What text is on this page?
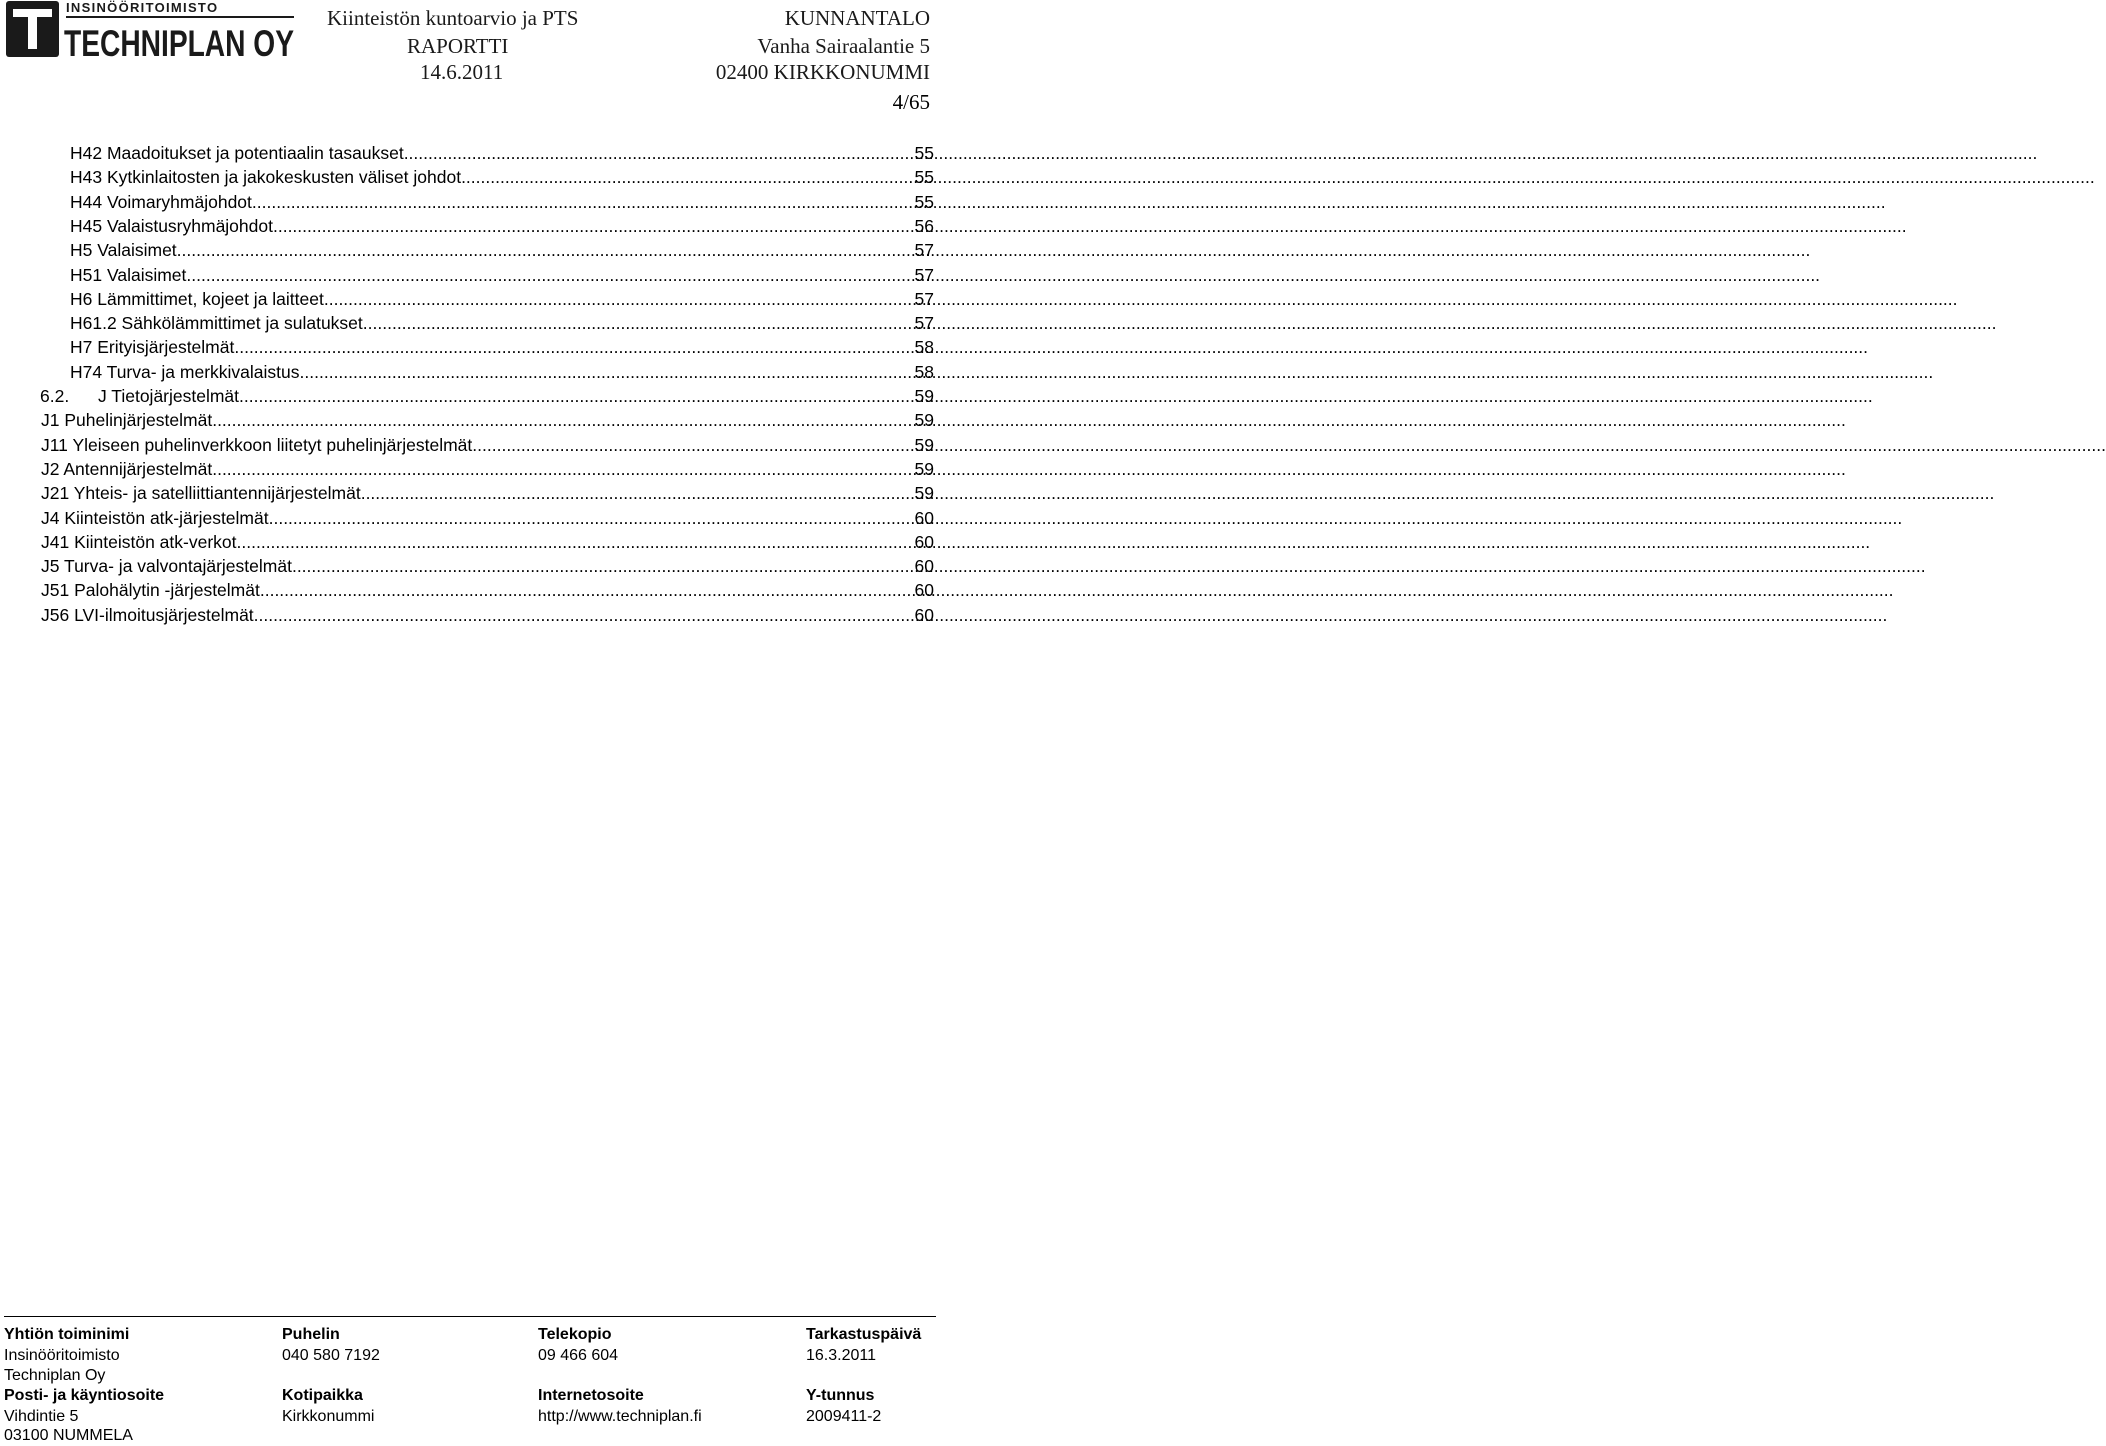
INSINÖÖRITOIMISTO
TECHNIPLAN OY
Kiinteistön kuntoarvio ja PTS
RAPORTTI
14.6.2011
KUNNANTALO
Vanha Sairaalantie 5
02400 KIRKKONUMMI
4/65
H42 Maadoitukset ja potentiaalin tasaukset .....	55
H43 Kytkinlaitosten ja jakokeskusten väliset johdot .....	55
H44 Voimaryhmäjohdot .....	55
H45 Valaistusryhmäjohdot .....	56
H5 Valaisimet .....	57
H51 Valaisimet .....	57
H6 Lämmittimet, kojeet ja laitteet .....	57
H61.2 Sähkölämmittimet ja sulatukset .....	57
H7 Erityisjärjestelmät .....	58
H74 Turva- ja merkkivalaistus .....	58
6.2. J Tietojärjestelmät .....	59
J1 Puhelinjärjestelmät .....	59
J11 Yleiseen puhelinverkkoon liitetyt puhelinjärjestelmät .....	59
J2 Antennijärjestelmät .....	59
J21 Yhteis- ja satelliittiantennijärjestelmät .....	59
J4 Kiinteistön atk-järjestelmät .....	60
J41 Kiinteistön atk-verkot .....	60
J5 Turva- ja valvontajärjestelmät .....	60
J51 Palohälytin -järjestelmät .....	60
J56 LVI-ilmoitusjärjestelmät .....	60
Yhtiön toiminimi	Puhelin	Telekopio	Tarkastuspäivä
Insinööritoimisto	040 580 7192	09 466 604	16.3.2011
Techniplan Oy
Posti- ja käyntiosoite	Kotipaikka	Internetosoite	Y-tunnus
Vihdintie 5	Kirkkonummi	http://www.techniplan.fi	2009411-2
03100 NUMMELA
